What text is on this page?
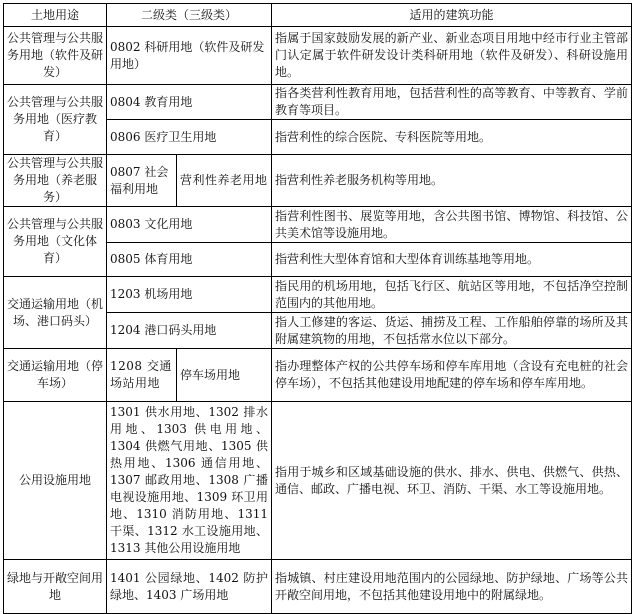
土地用途	二级类（三级类）		适用的建筑功能
公共管理与公共服务用地（软件及研发）	0802 科研用地（软件及研发用地）		指属于国家鼓励发展的新产业、新业态项目用地中经市行业主管部门认定属于软件研发设计类科研用地（软件及研发）、科研设施用地。
公共管理与公共服务用地（医疗教育）	0804 教育用地		指各类营利性教育用地，包括营利性的高等教育、中等教育、学前教育等项目。
	0806 医疗卫生用地		指营利性的综合医院、专科医院等用地。
公共管理与公共服务用地（养老服务）	0807 社会福利用地	营利性养老用地	指营利性养老服务机构等用地。
公共管理与公共服务用地（文化体育）	0803 文化用地		指营利性图书、展览等用地，含公共图书馆、博物馆、科技馆、公共美术馆等设施用地。
	0805 体育用地		指营利性大型体育馆和大型体育训练基地等用地。
交通运输用地（机场、港口码头）	1203 机场用地		指民用的机场用地，包括飞行区、航站区等用地，不包括净空控制范围内的其他用地。
	1204 港口码头用地		指人工修建的客运、货运、捕捞及工程、工作船舶停靠的场所及其附属建筑物的用地，不包括常水位以下部分。
交通运输用地（停车场）	1208 交通场站用地	停车场用地	指办理整体产权的公共停车场和停车库用地（含设有充电桩的社会停车场），不包括其他建设用地配建的停车场和停车库用地。
公用设施用地	1301 供水用地、1302 排水用地、1303 供电用地、1304 供燃气用地、1305 供热用地、1306 通信用地、1307 邮政用地、1308 广播电视设施用地、1309 环卫用地、1310 消防用地、1311 干渠、1312 水工设施用地、1313 其他公用设施用地		指用于城乡和区域基础设施的供水、排水、供电、供燃气、供热、通信、邮政、广播电视、环卫、消防、干渠、水工等设施用地。
绿地与开敞空间用地	1401 公园绿地、1402 防护绿地、1403 广场用地		指城镇、村庄建设用地范围内的公园绿地、防护绿地、广场等公共开敞空间用地，不包括其他建设用地中的附属绿地。
